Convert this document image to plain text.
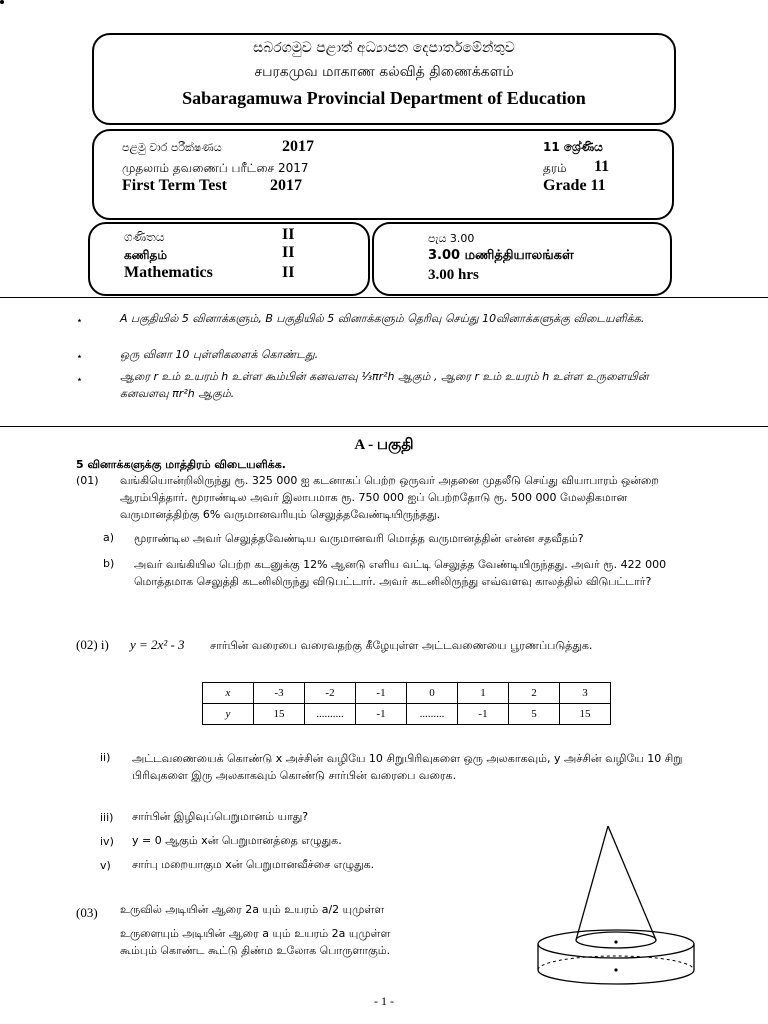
සබරගමුව පළාත් අධ්‍යාපන දෙපාර්තමේන්තුව
சபரகமுவ மாகாண கல்வித் திணைக்களம்
Sabaragamuwa Provincial Department of Education
පළමු වාර පරීක්ෂණය	2017
முதலாம் தவணைப் பரீட்சை 2017
First Term Test	2017
11 ශ්‍රේණිය
தரம் 11
Grade 11
ගණිතය	II
கணிதம்	II
Mathematics	II
පැය 3.00
3.00 மணித்தியாலங்கள்
3.00 hrs
⋆	A பகுதியில் 5 வினாக்களும், B பகுதியில் 5 வினாக்களும் தெரிவு செய்து 10வினாக்களுக்கு விடையளிக்க.
⋆	ஒரு வினா 10 புள்ளிகளைக் கொண்டது.
⋆	ஆரை r உம் உயரம் h உள்ள கூம்பின் கனவளவு ⅓πr²h ஆகும் , ஆரை r உம் உயரம் h உள்ள உருளையின் கனவளவு πr²h ஆகும்.
A - பகுதி
5 வினாக்களுக்கு மாத்திரம் விடையளிக்க.
(01) வங்கியொன்றிலிருந்து ரூ. 325 000 ஐ கடனாகப் பெற்ற ஒருவர் அதனை முதலீடு செய்து வியாபாரம் ஒன்றை ஆரம்பித்தார். மூராண்டில அவர் இலாபமாக ரூ. 750 000 ஐப் பெற்றதோடு ரூ. 500 000 மேலதிகமான வருமானத்திற்கு 6% வருமானவரியும் செலுத்தவேண்டியிருந்தது.
a) மூராண்டில அவர் செலுத்தவேண்டிய வருமானவரி மொத்த வருமானத்தின் என்ன சதவீதம்?
b) அவர் வங்கியில பெற்ற கடனுக்கு 12% ஆனடு எளிய வட்டி செலுத்த வேண்டியிருந்தது. அவர் ரூ. 422 000 மொத்தமாக செலுத்தி கடனிலிருந்து விடுபட்டார். அவர் கடனிலிருந்து எவ்வளவு காலத்தில் விடுபட்டார்?
(02) i) y = 2x² - 3 சார்பின் வரைபை வரைவதற்கு கீழேயுள்ள அட்டவணையை பூரணப்படுத்துக.
x	-3	-2	-1	0	1	2	3
y	15	..........	-1	.........	-1	5	15
ii) அட்டவணையைக் கொண்டு x அச்சின் வழியே 10 சிறுபிரிவுகளை ஒரு அலகாகவும், y அச்சின் வழியே 10 சிறு பிரிவுகளை இரு அலகாகவும் கொண்டு சார்பின் வரைபை வரைக.
iii) சார்பின் இழிவுப்பெறுமானம் யாது?
iv) y = 0 ஆகும் xன் பெறுமானத்தை எழுதுக.
v) சார்பு மறையாகும xன் பெறுமானவீச்சை எழுதுக.
(03) உருவில் அடியின் ஆரை 2a யும் உயரம் a/2 யுமுள்ள
உருளையும் அடியின் ஆரை a யும் உயரம் 2a யுமுள்ள
கூம்பும் கொண்ட கூட்டு திண்ம உலோக பொருளாகும்.
- 1 -
